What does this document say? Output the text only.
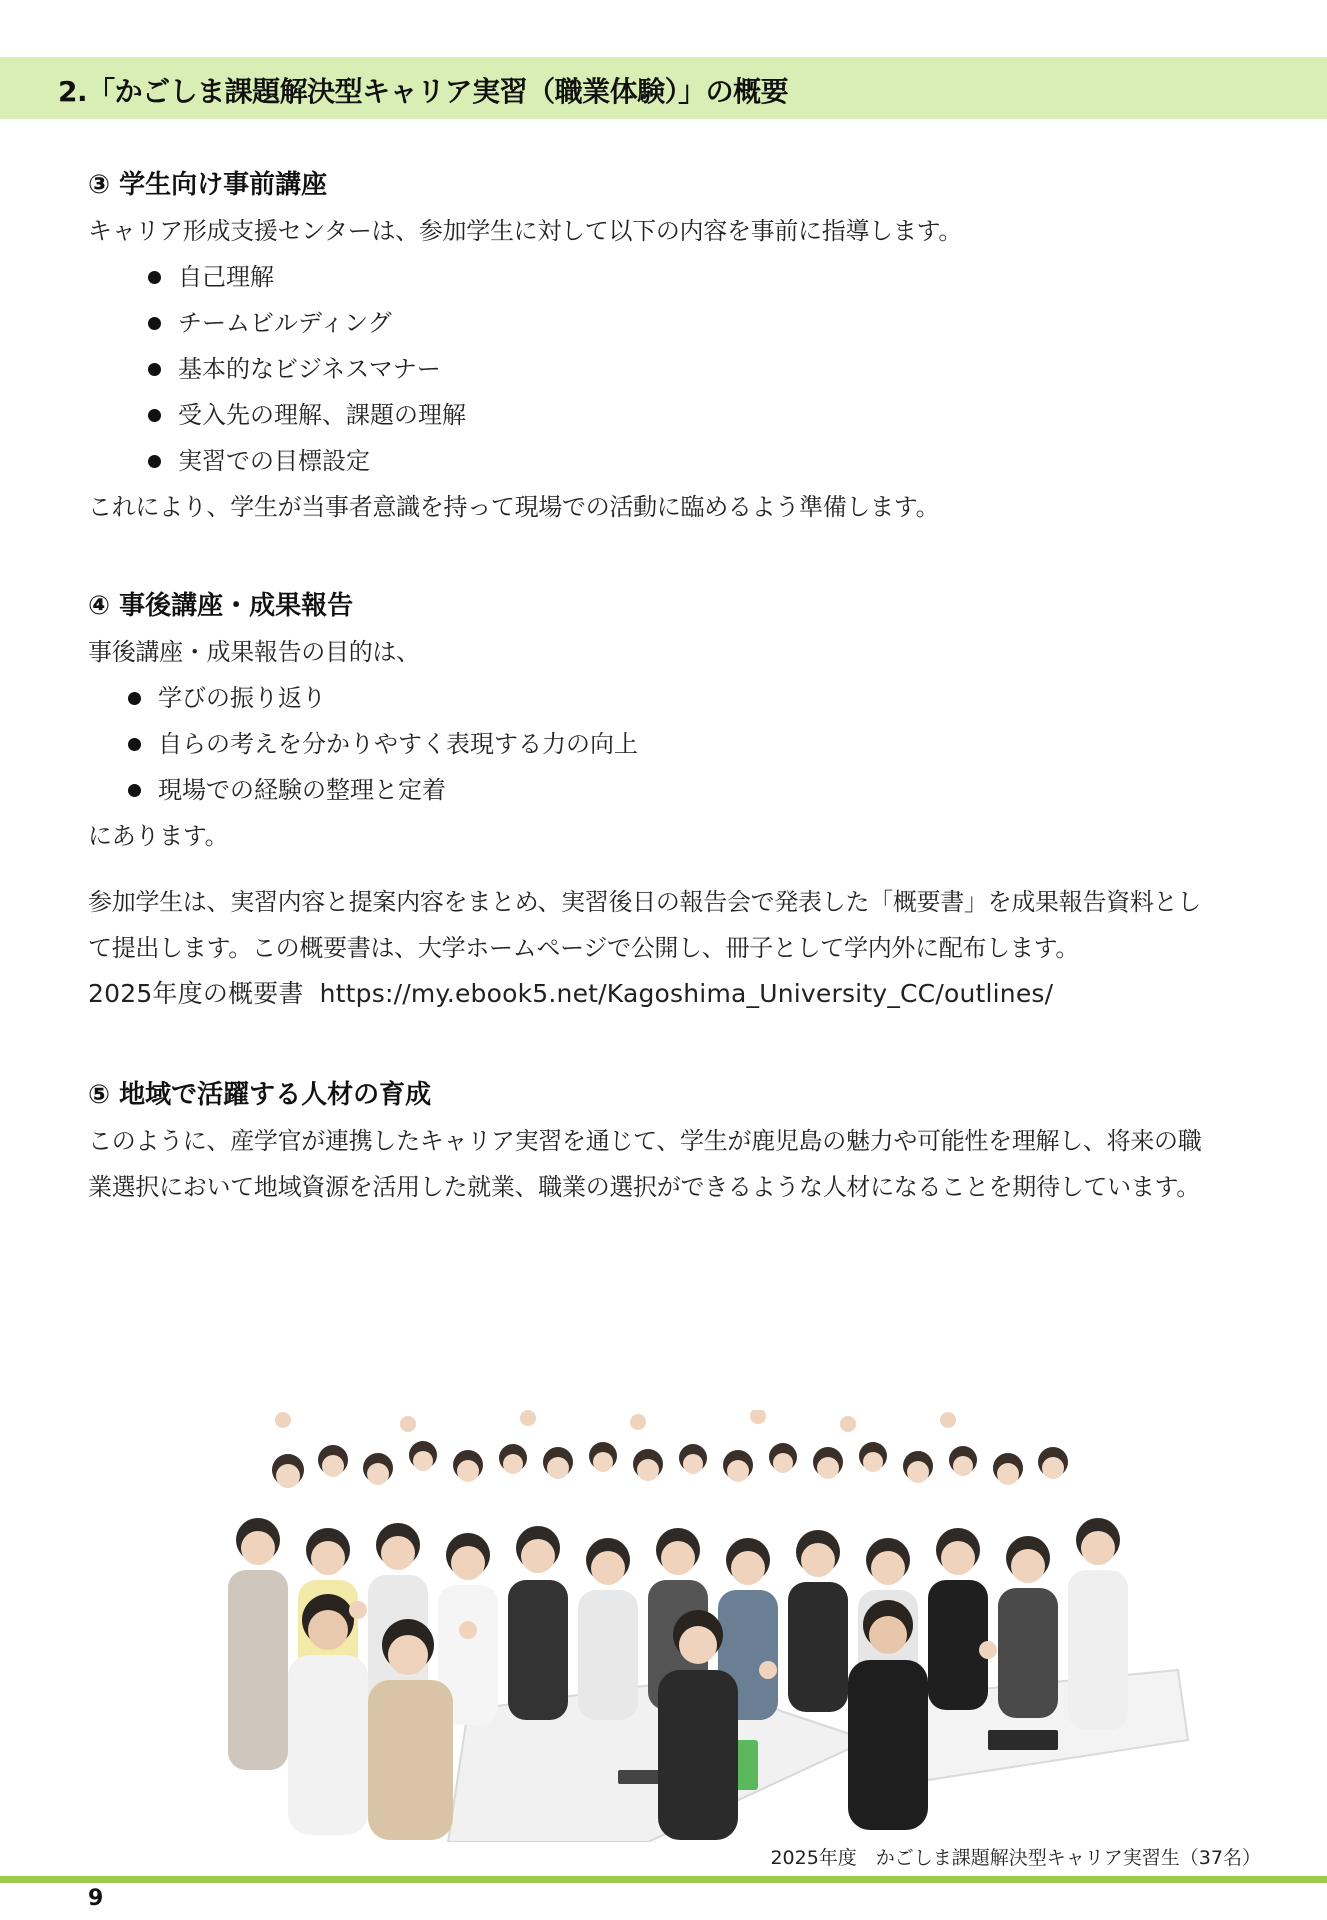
2.「かごしま課題解決型キャリア実習（職業体験）」の概要
③ 学生向け事前講座
キャリア形成支援センターは、参加学生に対して以下の内容を事前に指導します。
自己理解
チームビルディング
基本的なビジネスマナー
受入先の理解、課題の理解
実習での目標設定
これにより、学生が当事者意識を持って現場での活動に臨めるよう準備します。
④ 事後講座・成果報告
事後講座・成果報告の目的は、
学びの振り返り
自らの考えを分かりやすく表現する力の向上
現場での経験の整理と定着
にあります。
参加学生は、実習内容と提案内容をまとめ、実習後日の報告会で発表した「概要書」を成果報告資料とし
て提出します。この概要書は、大学ホームページで公開し、冊子として学内外に配布します。
2025年度の概要書 https://my.ebook5.net/Kagoshima_University_CC/outlines/
⑤ 地域で活躍する人材の育成
このように、産学官が連携したキャリア実習を通じて、学生が鹿児島の魅力や可能性を理解し、将来の職
業選択において地域資源を活用した就業、職業の選択ができるような人材になることを期待しています。
2025年度　かごしま課題解決型キャリア実習生（37名）
9
